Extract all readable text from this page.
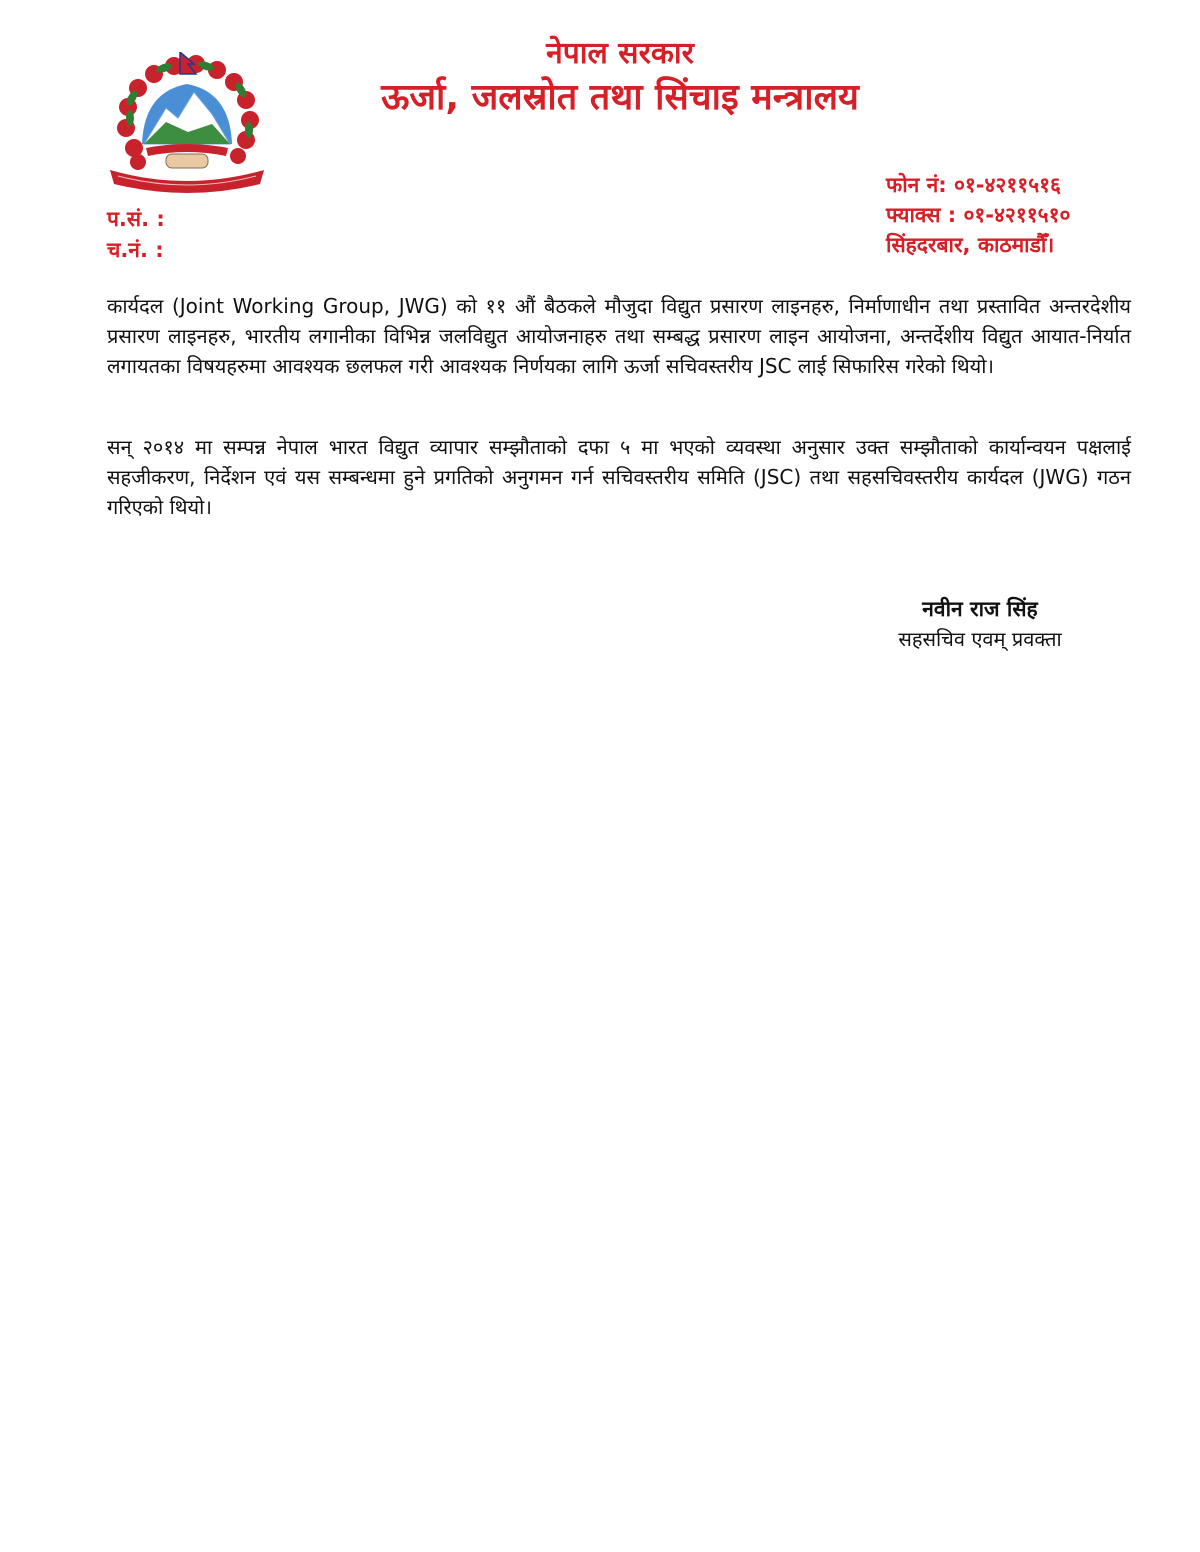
नेपाल सरकार
ऊर्जा, जलस्रोत तथा सिंचाइ मन्त्रालय
फोन नं: ०१-४२११५१६
फ्याक्स : ०१-४२११५१०
सिंहदरबार, काठमाडौँ।
प.सं. :
च.नं. :
कार्यदल (Joint Working Group, JWG) को ११ औं बैठकले मौजुदा विद्युत प्रसारण लाइनहरु, निर्माणाधीन तथा प्रस्तावित अन्तरदेशीय प्रसारण लाइनहरु, भारतीय लगानीका विभिन्न जलविद्युत आयोजनाहरु तथा सम्बद्ध प्रसारण लाइन आयोजना, अन्तर्देशीय विद्युत आयात-निर्यात लगायतका विषयहरुमा आवश्यक छलफल गरी आवश्यक निर्णयका लागि ऊर्जा सचिवस्तरीय JSC लाई सिफारिस गरेको थियो।
सन् २०१४ मा सम्पन्न नेपाल भारत विद्युत व्यापार सम्झौताको दफा ५ मा भएको व्यवस्था अनुसार उक्त सम्झौताको कार्यान्वयन पक्षलाई सहजीकरण, निर्देशन एवं यस सम्बन्धमा हुने प्रगतिको अनुगमन गर्न सचिवस्तरीय समिति (JSC) तथा सहसचिवस्तरीय कार्यदल (JWG) गठन गरिएको थियो।
नवीन राज सिंह
सहसचिव एवम् प्रवक्ता
